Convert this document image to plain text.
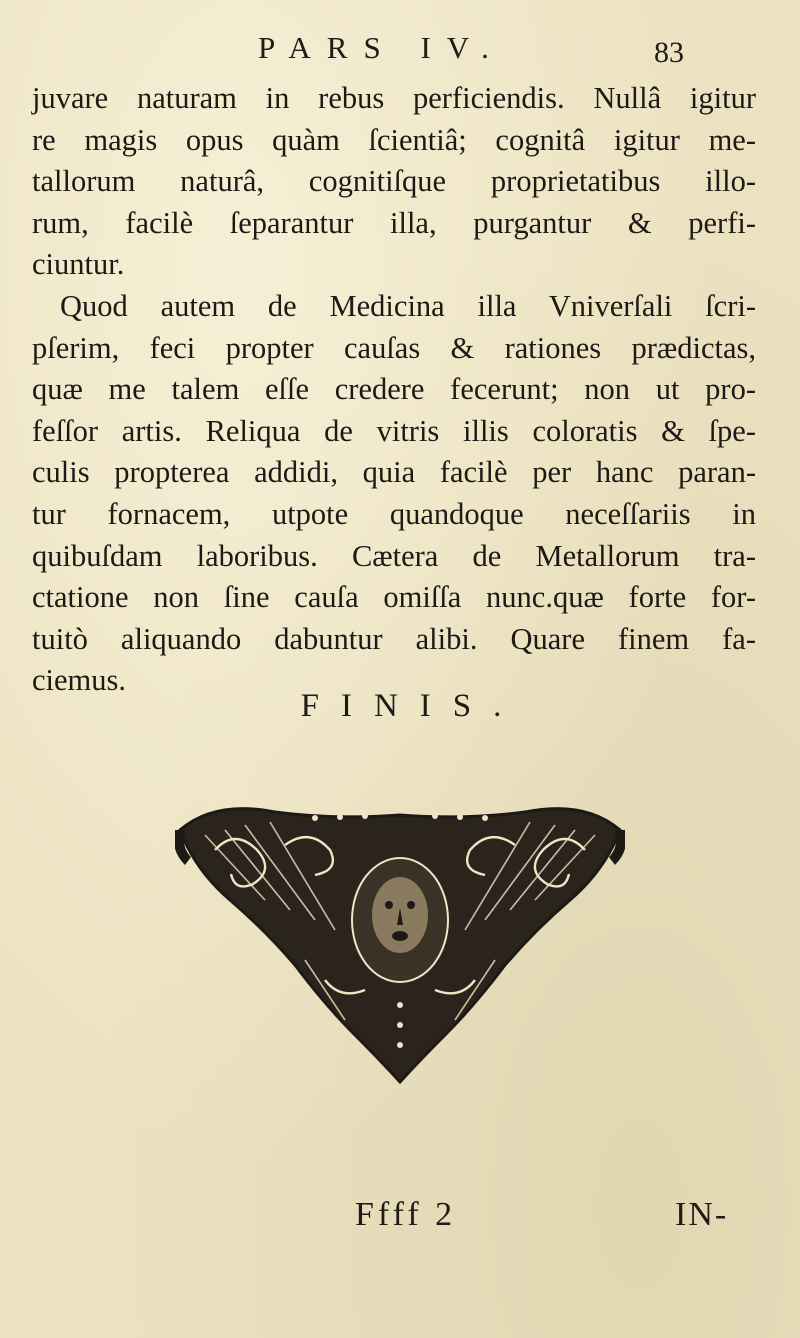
PARS IV.	83
juvare naturam in rebus perficiendis. Nullâ igitur
re magis opus quàm ſcientiâ; cognitâ igitur me-
tallorum naturâ, cognitiſque proprietatibus illo-
rum, facilè ſeparantur illa, purgantur & perfi-
ciuntur.
Quod autem de Medicina illa Vniverſali ſcri-
pſerim, feci propter cauſas & rationes prædictas,
quæ me talem eſſe credere fecerunt; non ut pro-
feſſor artis. Reliqua de vitris illis coloratis & ſpe-
culis propterea addidi, quia facilè per hanc paran-
tur fornacem, utpote quandoque neceſſariis in
quibuſdam laboribus. Cætera de Metallorum tra-
ctatione non ſine cauſa omiſſa nunc.quæ forte for-
tuitò aliquando dabuntur alibi. Quare finem fa-
ciemus.
FINIS.
Ffff 2	IN-
